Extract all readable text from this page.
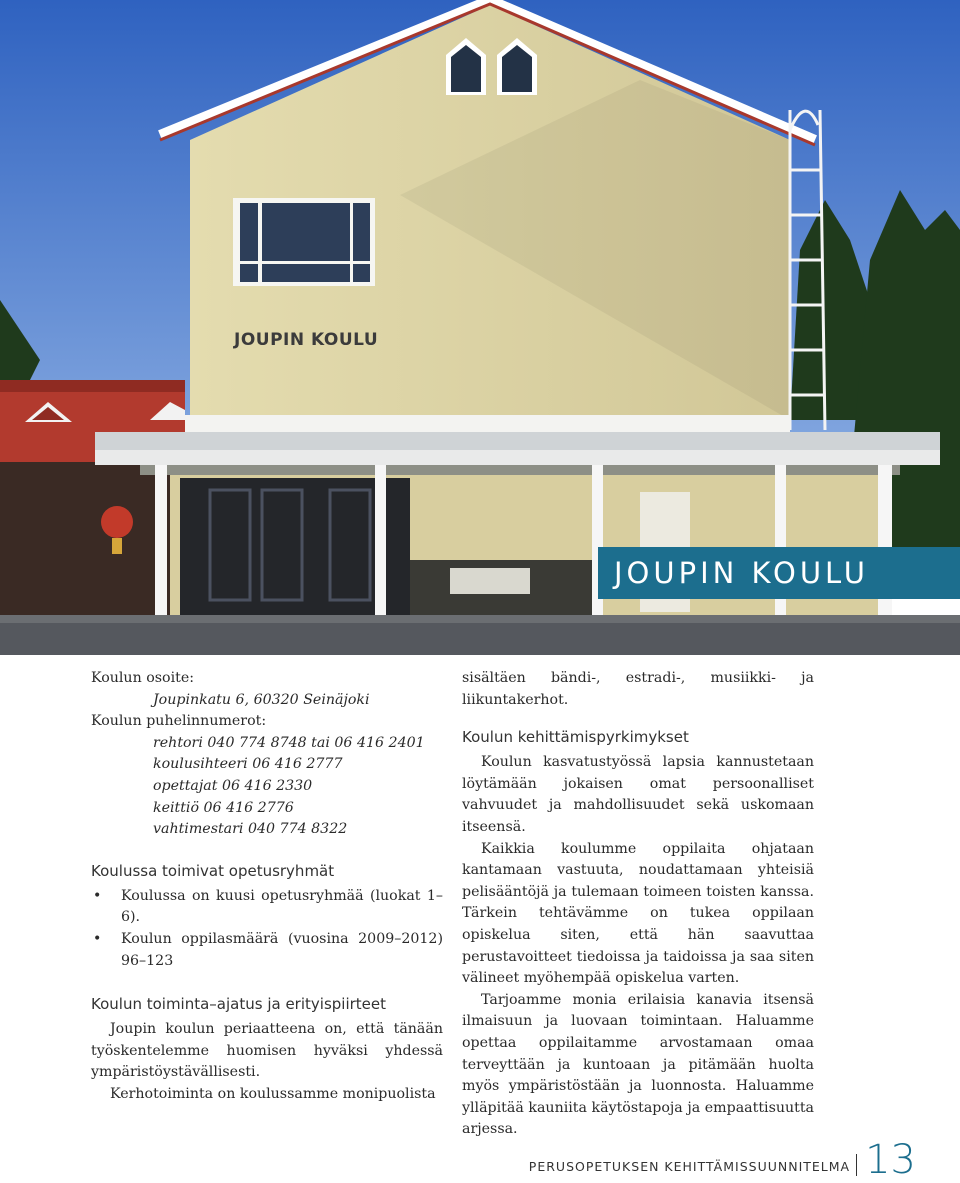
JOUPIN KOULU
JOUPIN KOULU

Koulun osoite:

Joupinkatu 6, 60320 Seinäjoki

Koulun puhelinnumerot:

rehtori 040 774 8748 tai 06 416 2401

koulusihteeri 06 416 2777

opettajat 06 416 2330

keittiö 06 416 2776

vahtimestari 040 774 8322

Koulussa toimivat opetusryhmät
• Koulussa on kuusi opetusryhmää (luokat 1–6).
• Koulun oppilasmäärä (vuosina 2009–2012) 96–123
Koulun toiminta–ajatus ja erityispiirteet

Joupin koulun periaatteena on, että tänään työskentelemme huomisen hyväksi yhdessä ympäristöystävällisesti.

Kerhotoiminta on koulussamme monipuolista

sisältäen bändi-, estradi-, musiikki- ja liikuntakerhot.

Koulun kehittämispyrkimykset

Koulun kasvatustyössä lapsia kannustetaan löytämään jokaisen omat persoonalliset vahvuudet ja mahdollisuudet sekä uskomaan itseensä.

Kaikkia koulumme oppilaita ohjataan kantamaan vastuuta, noudattamaan yhteisiä pelisääntöjä ja tulemaan toimeen toisten kanssa. Tärkein tehtävämme on tukea oppilaan opiskelua siten, että hän saavuttaa perustavoitteet tiedoissa ja taidoissa ja saa siten välineet myöhempää opiskelua varten.

Tarjoamme monia erilaisia kanavia itsensä ilmaisuun ja luovaan toimintaan. Haluamme opettaa oppilaitamme arvostamaan omaa terveyttään ja kuntoaan ja pitämään huolta myös ympäristöstään ja luonnosta. Haluamme ylläpitää kauniita käytöstapoja ja empaattisuutta arjessa.

PERUSOPETUKSEN KEHITTÄMISSUUNNITELMA 13
